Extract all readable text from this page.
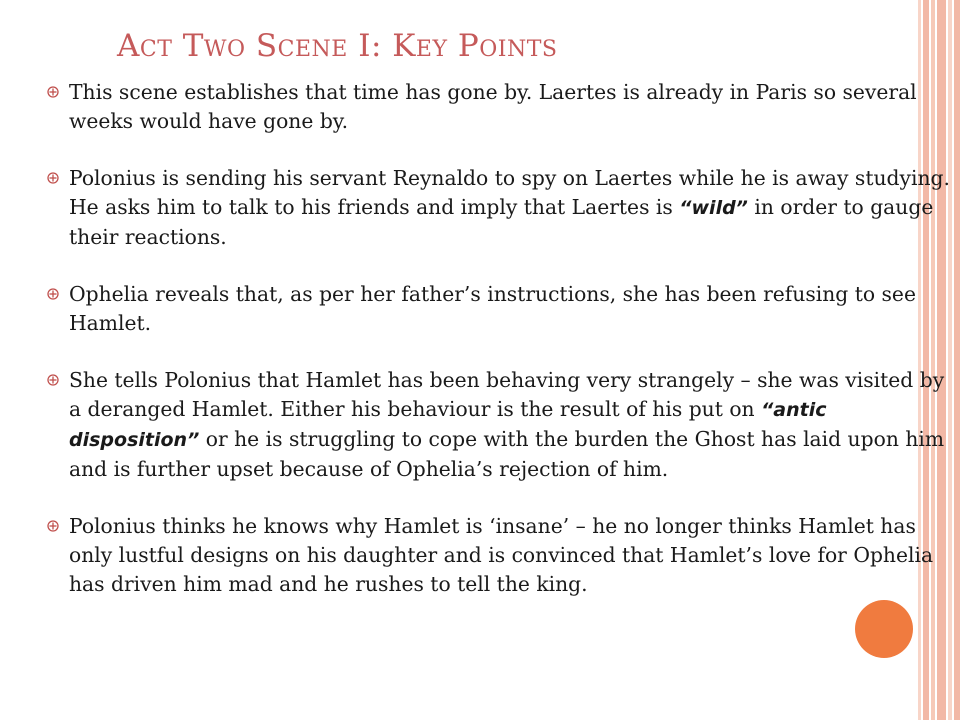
Act Two Scene I: Key Points

This scene establishes that time has gone by. Laertes is already in Paris so several weeks would have gone by.

Polonius is sending his servant Reynaldo to spy on Laertes while he is away studying. He asks him to talk to his friends and imply that Laertes is “wild” in order to gauge their reactions.

Ophelia reveals that, as per her father’s instructions, she has been refusing to see Hamlet.

She tells Polonius that Hamlet has been behaving very strangely – she was visited by a deranged Hamlet. Either his behaviour is the result of his put on “antic disposition” or he is struggling to cope with the burden the Ghost has laid upon him and is further upset because of Ophelia’s rejection of him.

Polonius thinks he knows why Hamlet is ‘insane’ – he no longer thinks Hamlet has only lustful designs on his daughter and is convinced that Hamlet’s love for Ophelia has driven him mad and he rushes to tell the king.
